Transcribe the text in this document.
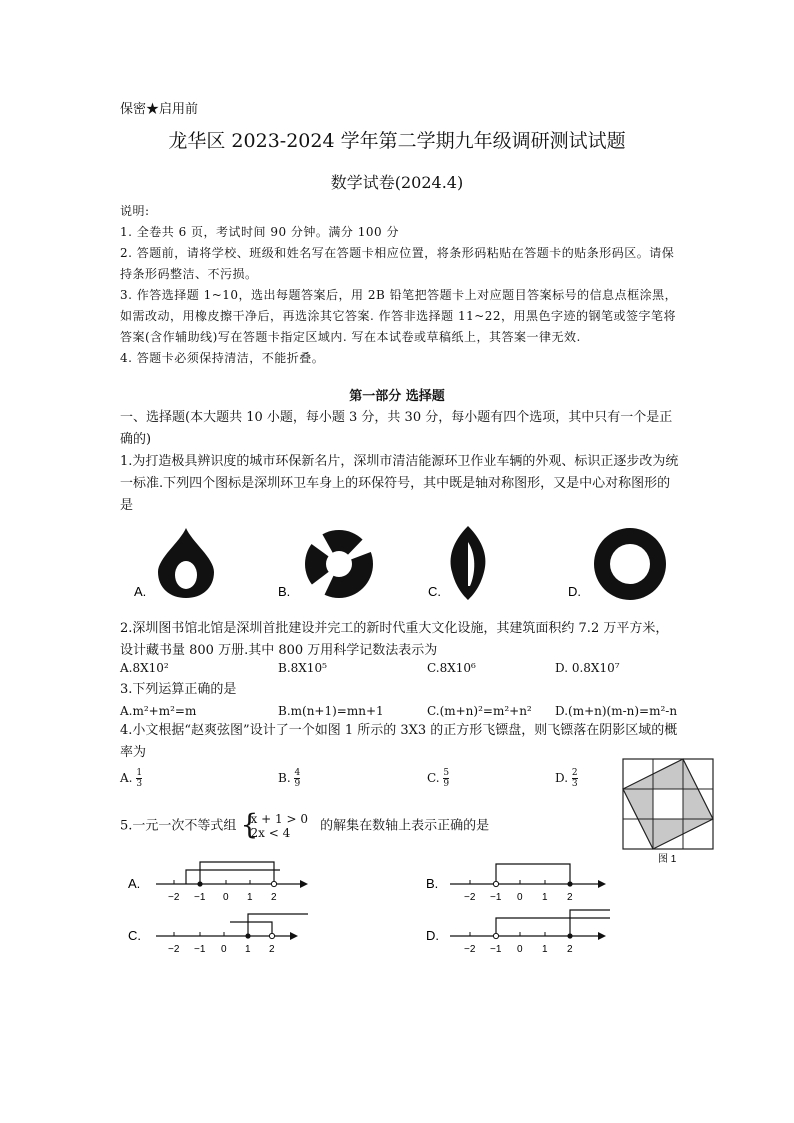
保密★启用前
龙华区 2023-2024 学年第二学期九年级调研测试试题
数学试卷(2024.4)

说明:

1. 全卷共 6 页，考试时间 90 分钟。满分 100 分

2. 答题前，请将学校、班级和姓名写在答题卡相应位置，将条形码粘贴在答题卡的贴条形码区。请保持条形码整洁、不污损。

3. 作答选择题 1~10，选出每题答案后，用 2B 铅笔把答题卡上对应题目答案标号的信息点框涂黑，如需改动，用橡皮擦干净后，再选涂其它答案. 作答非选择题 11~22，用黑色字迹的钢笔或签字笔将答案(含作辅助线)写在答题卡指定区域内. 写在本试卷或草稿纸上，其答案一律无效.

4. 答题卡必须保持清洁，不能折叠。

第一部分 选择题
一、选择题(本大题共 10 小题，每小题 3 分，共 30 分，每小题有四个选项，其中只有一个是正确的)
1.为打造极具辨识度的城市环保新名片，深圳市清洁能源环卫作业车辆的外观、标识正逐步改为统一标准.下列四个图标是深圳环卫车身上的环保符号，其中既是轴对称图形，又是中心对称图形的是
A.	B.	C.	D.
2.深圳图书馆北馆是深圳首批建设并完工的新时代重大文化设施，其建筑面积约 7.2 万平方米，设计藏书量 800 万册.其中 800 万用科学记数法表示为
A.8X10²	B.8X10⁵	C.8X10⁶	D. 0.8X10⁷
3.下列运算正确的是
A.m²+m²=m	B.m(n+1)=mn+1	C.(m+n)²=m²+n² D.(m+n)(m-n)=m²-n
4.小文根据“赵爽弦图”设计了一个如图 1 所示的 3X3 的正方形飞镖盘，则飞镖落在阴影区域的概率为
A. $\frac{1}{3}$	B. $\frac{4}{9}$	C. $\frac{5}{9}$	D. $\frac{2}{3}$
图 1
5.一元一次不等式组 {
x + 1 > 0
2x < 4	的解集在数轴上表示正确的是
A.
−2 −1 0 1 2
B.
−2 −1 0 1 2
C.
−2 −1 0 1 2
D.
−2 −1 0 1 2
